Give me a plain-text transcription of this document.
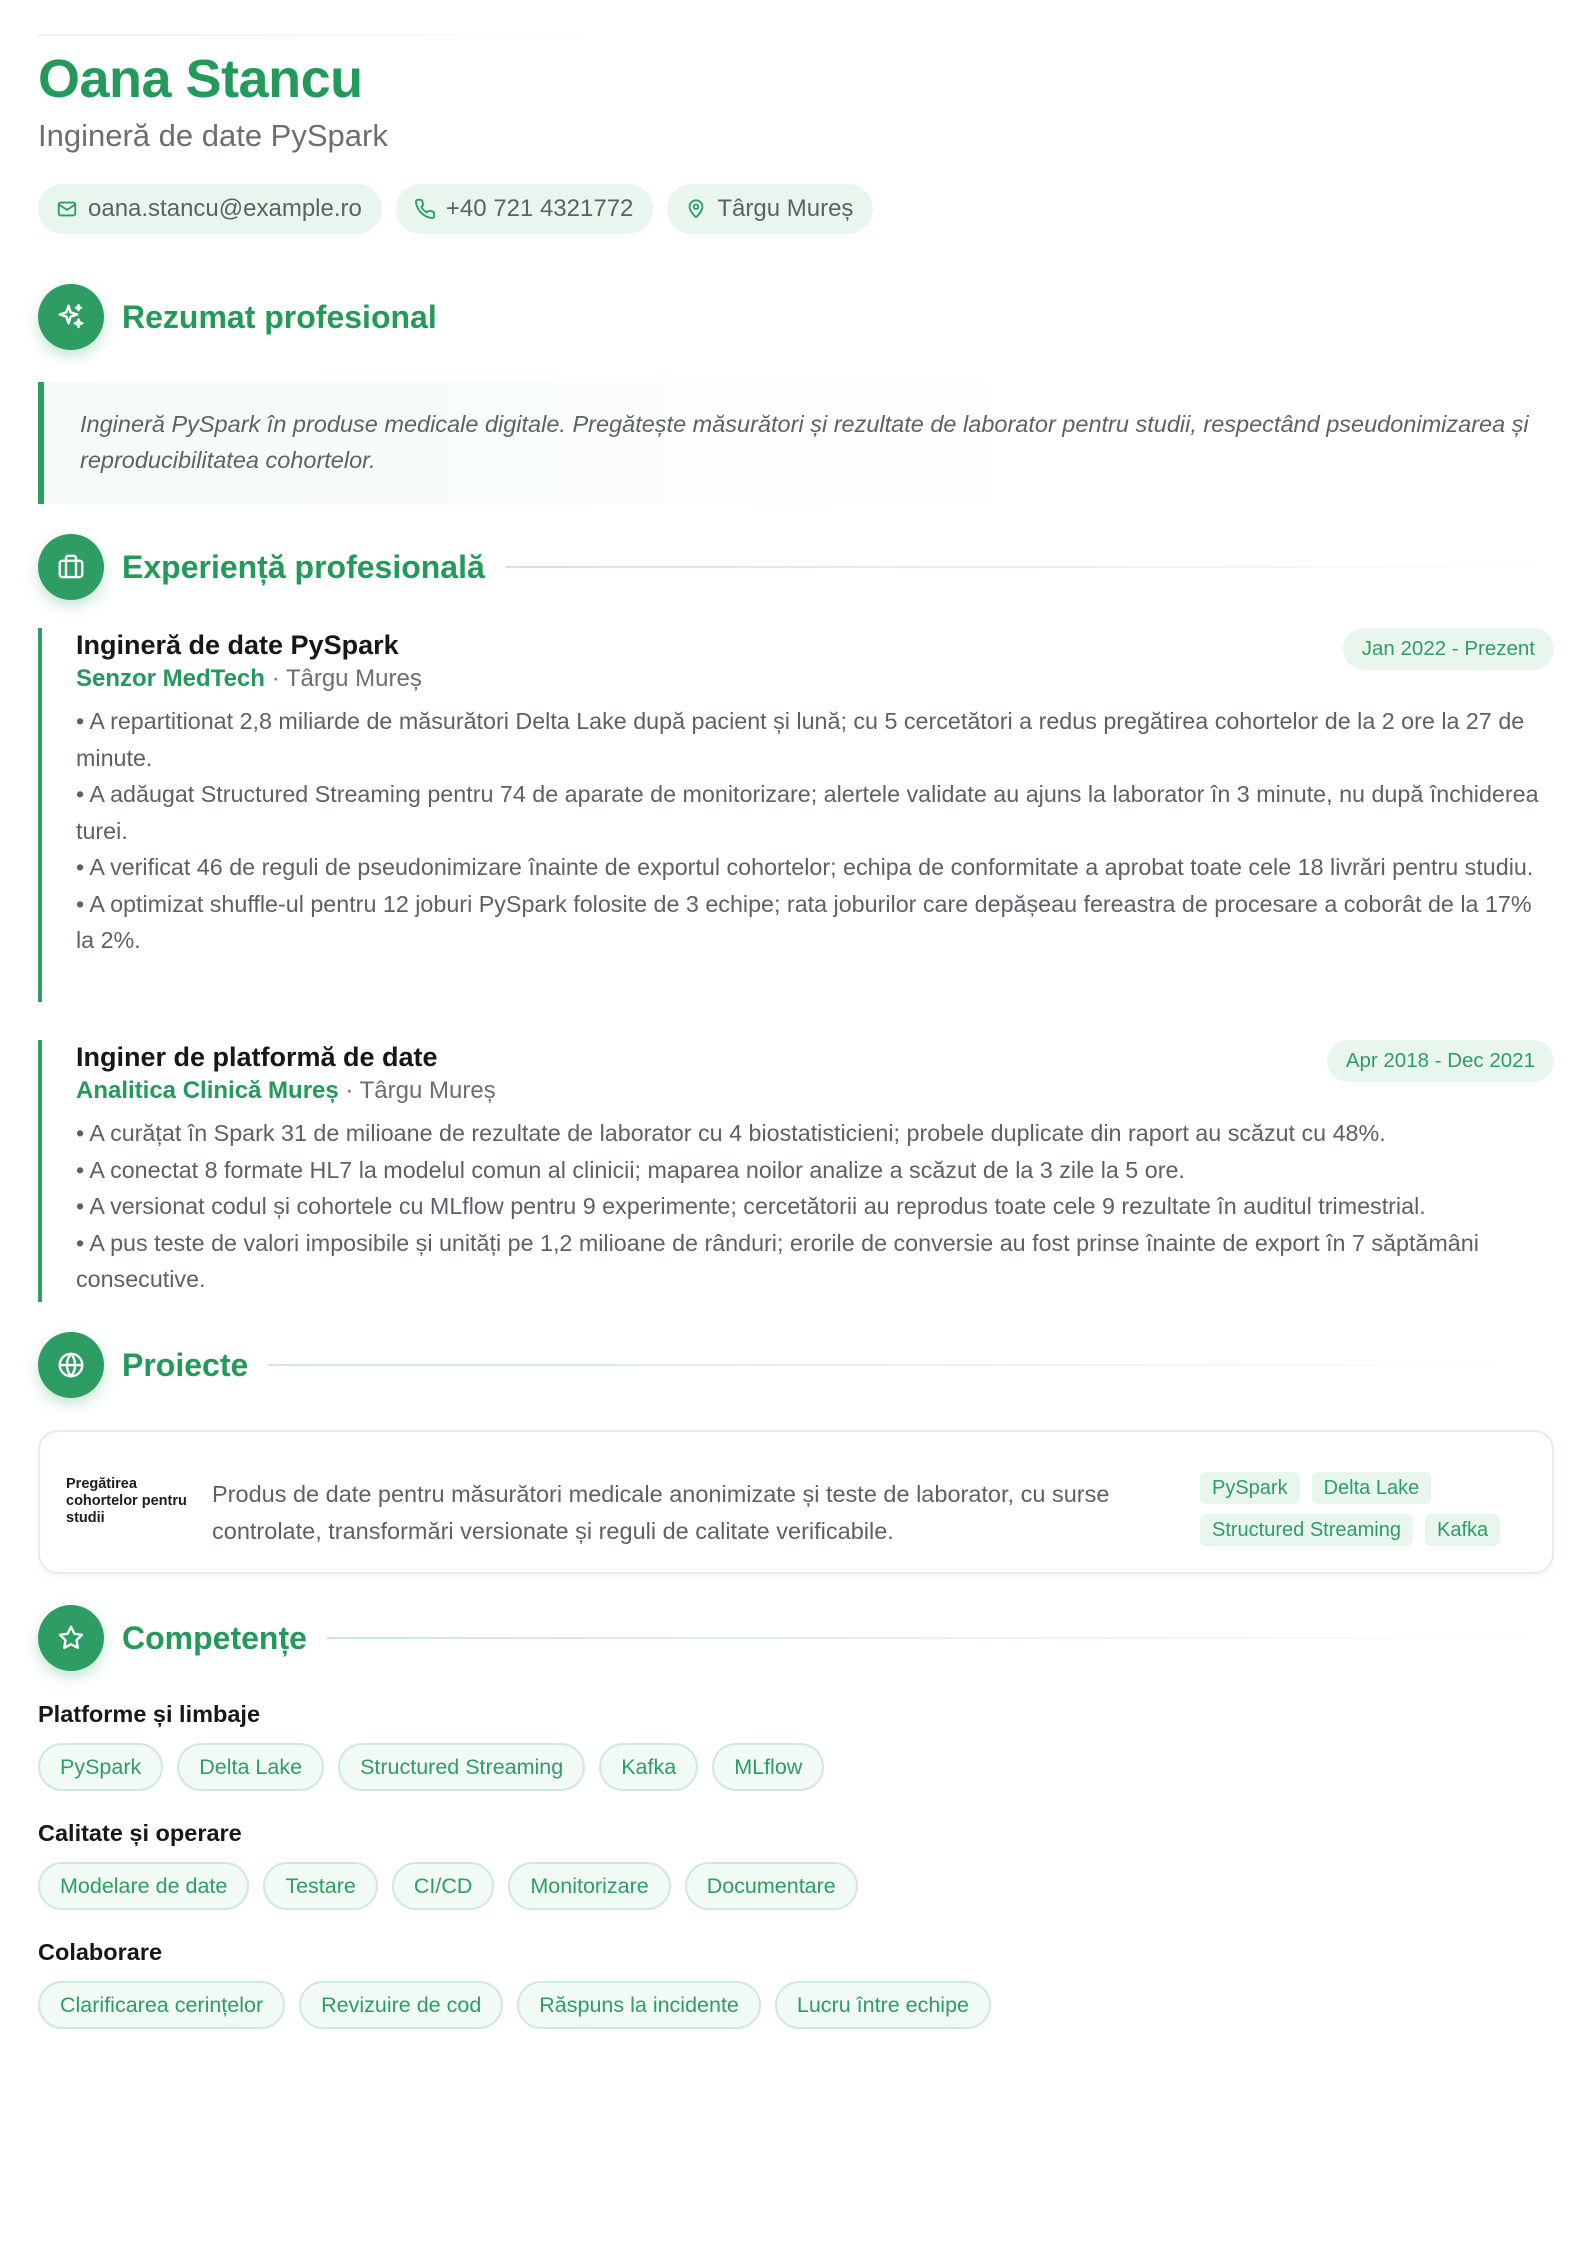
Oana Stancu
Ingineră de date PySpark
oana.stancu@example.ro	+40 721 4321772	Târgu Mureș
Rezumat profesional

Ingineră PySpark în produse medicale digitale. Pregătește măsurători și rezultate de laborator pentru studii, respectând pseudonimizarea și reproducibilitatea cohortelor.

Experiență profesională
Ingineră de date PySpark
Senzor MedTech · Târgu Mureș
Jan 2022 - Prezent
• A repartitionat 2,8 miliarde de măsurători Delta Lake după pacient și lună; cu 5 cercetători a redus pregătirea cohortelor de la 2 ore la 27 de minute.
• A adăugat Structured Streaming pentru 74 de aparate de monitorizare; alertele validate au ajuns la laborator în 3 minute, nu după închiderea turei.
• A verificat 46 de reguli de pseudonimizare înainte de exportul cohortelor; echipa de conformitate a aprobat toate cele 18 livrări pentru studiu.
• A optimizat shuffle-ul pentru 12 joburi PySpark folosite de 3 echipe; rata joburilor care depășeau fereastra de procesare a coborât de la 17% la 2%.
Inginer de platformă de date
Analitica Clinică Mureș · Târgu Mureș
Apr 2018 - Dec 2021
• A curățat în Spark 31 de milioane de rezultate de laborator cu 4 biostatisticieni; probele duplicate din raport au scăzut cu 48%.
• A conectat 8 formate HL7 la modelul comun al clinicii; maparea noilor analize a scăzut de la 3 zile la 5 ore.
• A versionat codul și cohortele cu MLflow pentru 9 experimente; cercetătorii au reprodus toate cele 9 rezultate în auditul trimestrial.
• A pus teste de valori imposibile și unități pe 1,2 milioane de rânduri; erorile de conversie au fost prinse înainte de export în 7 săptămâni consecutive.
Proiecte
Pregătirea cohortelor pentru studii
Produs de date pentru măsurători medicale anonimizate și teste de laborator, cu surse controlate, transformări versionate și reguli de calitate verificabile.
PySpark	Delta Lake
Structured Streaming	Kafka
Competențe
Platforme și limbaje
PySpark	Delta Lake	Structured Streaming	Kafka	MLflow
Calitate și operare
Modelare de date	Testare	CI/CD	Monitorizare	Documentare
Colaborare
Clarificarea cerințelor	Revizuire de cod	Răspuns la incidente	Lucru între echipe
